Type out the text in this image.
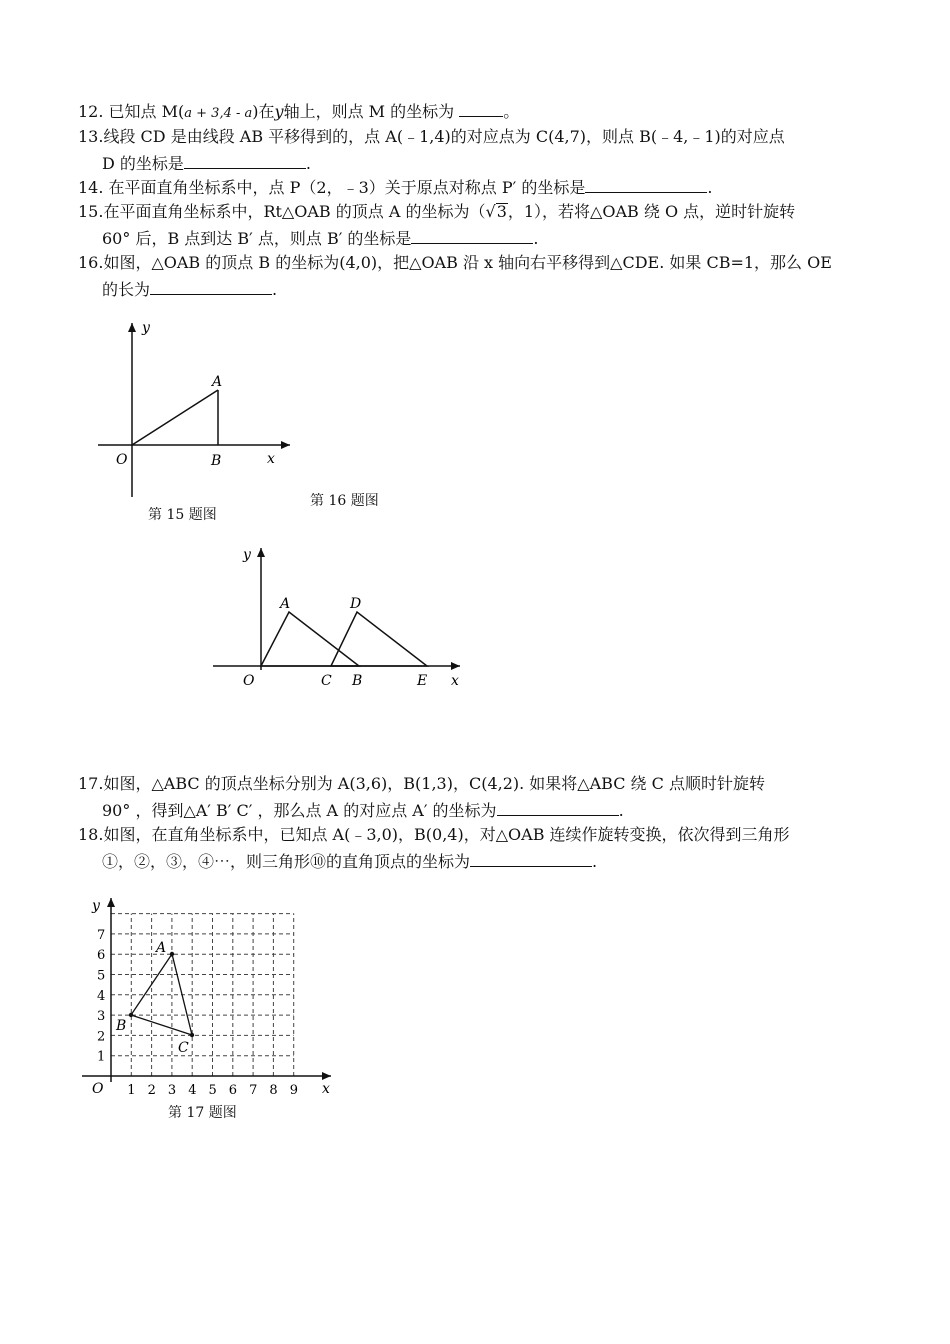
12. 已知点 M(a + 3,4 - a)在y轴上，则点 M 的坐标为	。
13.线段 CD 是由线段 AB 平移得到的，点 A(﹣1,4)的对应点为 C(4,7)，则点 B(﹣4,﹣1)的对应点
D 的坐标是	.
14. 在平面直角坐标系中，点 P（2，﹣3）关于原点对称点 P′ 的坐标是	.
15.在平面直角坐标系中，Rt△OAB 的顶点 A 的坐标为（√3，1），若将△OAB 绕 O 点，逆时针旋转
60° 后，B 点到达 B′ 点，则点 B′ 的坐标是	.
16.如图，△OAB 的顶点 B 的坐标为(4,0)，把△OAB 沿 x 轴向右平移得到△CDE. 如果 CB=1，那么 OE
的长为	.
y
x
O
A
B
第 15 题图
第 16 题图
y
x
O
A	D
C B	E
17.如图，△ABC 的顶点坐标分别为 A(3,6)，B(1,3)，C(4,2). 如果将△ABC 绕 C 点顺时针旋转
90° ，得到△A′ B′ C′ ，那么点 A 的对应点 A′ 的坐标为	.
18.如图，在直角坐标系中，已知点 A(﹣3,0)，B(0,4)，对△OAB 连续作旋转变换，依次得到三角形
①，②，③，④⋯，则三角形⑩的直角顶点的坐标为	.
1 2 3 4 5 6 7 8 9
1
2
3
4
5
6
7
y
x
O
A
B
C
第 17 题图
